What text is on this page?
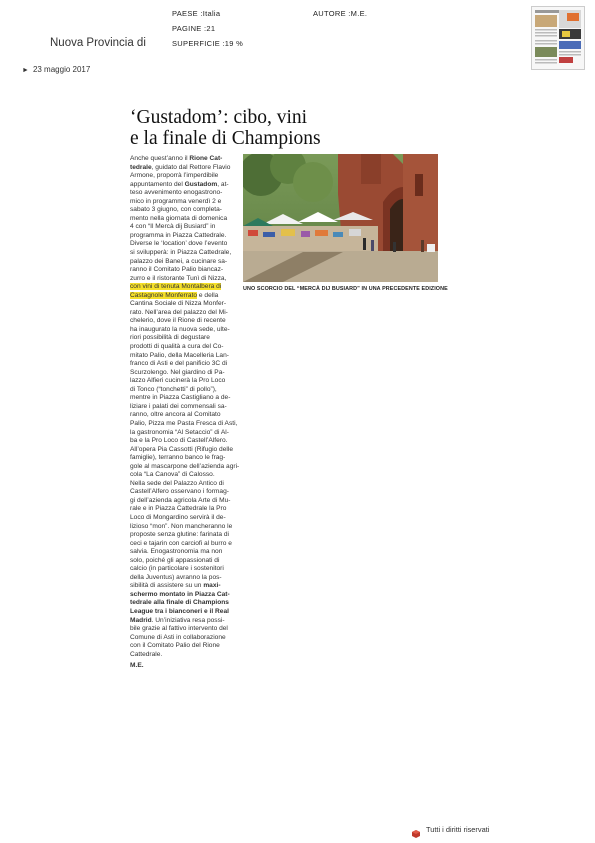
PAESE :Italia
PAGINE :21
SUPERFICIE :19 %
AUTORE :M.E.
Nuova Provincia di
► 23 maggio 2017
‘Gustadom’: cibo, vini
e la finale di Champions
UNO SCORCIO DEL “MERCÀ DIJ BUSIARD” IN UNA PRECEDENTE EDIZIONE

Anche quest’anno il Rione Cat-
tedrale, guidato dal Rettore Flavio
Armone, proporrà l’imperdibile
appuntamento del Gustadom, at-
teso avvenimento enogastrono-
mico in programma venerdì 2 e
sabato 3 giugno, con completa-
mento nella giornata di domenica
4 con “Il Mercà dij Busiard” in
programma in Piazza Cattedrale.
Diverse le ‘location’ dove l’evento
si svilupperà: in Piazza Cattedrale,
palazzo dei Banei, a cucinare sa-
ranno il Comitato Palio biancaz-
zurro e il ristorante Tunì di Nizza,
con vini di tenuta Montalbera di
Castagnole Monferrato e della
Cantina Sociale di Nizza Monfer-
rato. Nell’area del palazzo del Mi-
chelerio, dove il Rione di recente
ha inaugurato la nuova sede, ulte-
riori possibilità di degustare
prodotti di qualità a cura del Co-
mitato Palio, della Macelleria Lan-
franco di Asti e del panificio 3C di
Scurzolengo. Nel giardino di Pa-
lazzo Alfieri cucinerà la Pro Loco
di Tonco (“tonchetti” di pollo”),
mentre in Piazza Castigliano a de-
liziare i palati dei commensali sa-
ranno, oltre ancora al Comitato
Palio, Pizza me Pasta Fresca di Asti,
la gastronomia “Al Setaccio” di Al-
ba e la Pro Loco di Castell’Alfero.
All’opera Pia Cassotti (Rifugio delle
famiglie), terranno banco le frag-
gole al mascarpone dell’azienda agri-
cola “La Canova” di Calosso.
Nella sede del Palazzo Antico di
Castell’Alfero osservano i formag-
gi dell’azienda agricola Arte di Mu-
rale e in Piazza Cattedrale la Pro
Loco di Mongardino servirà il de-
lizioso “mon”. Non mancheranno le
proposte senza glutine: farinata di
ceci e tajarin con carciofi al burro e
salvia. Enogastronomia ma non
solo, poiché gli appassionati di
calcio (in particolare i sostenitori
della Juventus) avranno la pos-
sibilità di assistere su un maxi-
schermo montato in Piazza Cat-
tedrale alla finale di Champions
League tra i bianconeri e il Real
Madrid. Un’iniziativa resa possi-
bile grazie al fattivo intervento del
Comune di Asti in collaborazione
con il Comitato Palio del Rione
Cattedrale.

M.E.
Tutti i diritti riservati
